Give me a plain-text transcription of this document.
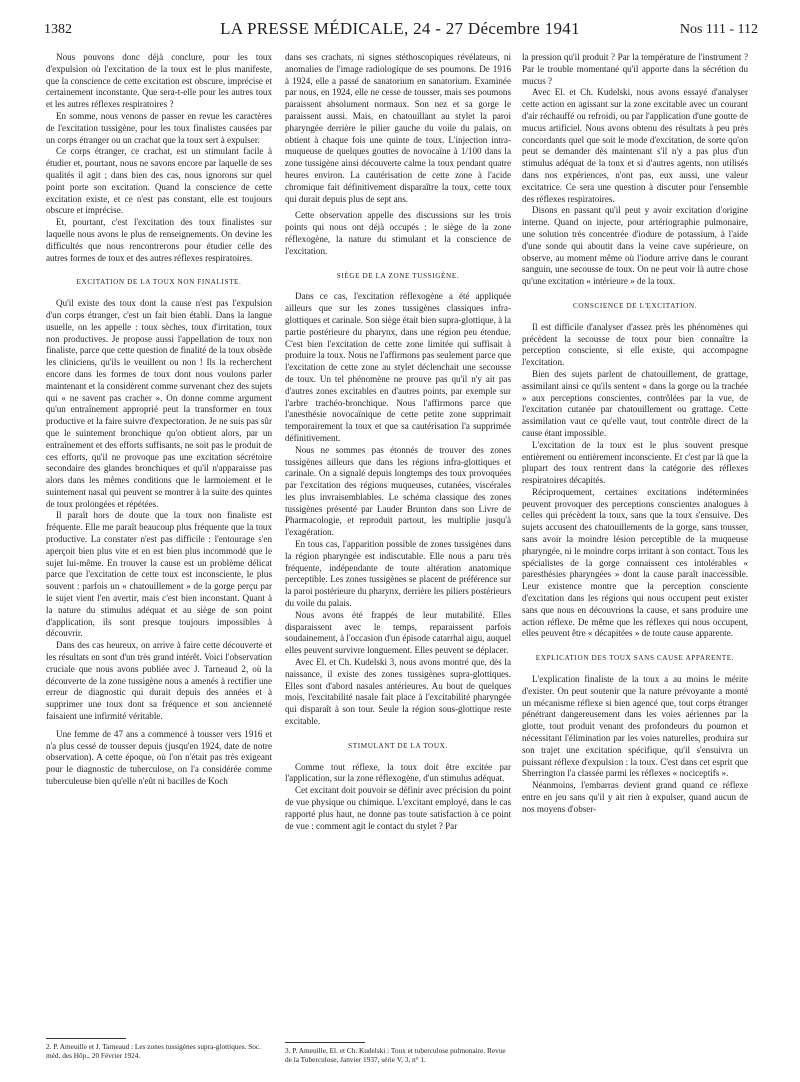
1382	LA PRESSE MÉDICALE, 24 - 27 Décembre 1941	Nos 111 - 112

Nous pouvons donc déjà conclure, pour les toux d'expulsion où l'excitation de la toux est le plus manifeste, que la conscience de cette excitation est obscure, imprécise et certainement inconstante. Que sera-t-elle pour les autres toux et les autres réflexes respiratoires ?

En somme, nous venons de passer en revue les caractères de l'excitation tussigène, pour les toux finalistes causées par un corps étranger ou un crachat que la toux sert à expulser.

Ce corps étranger, ce crachat, est un stimulant facile à étudier et, pourtant, nous ne savons encore par laquelle de ses qualités il agit ; dans bien des cas, nous ignorons sur quel point porte son excitation. Quand la conscience de cette excitation existe, et ce n'est pas constant, elle est toujours obscure et imprécise.

Et, pourtant, c'est l'excitation des toux finalistes sur laquelle nous avons le plus de renseignements. On devine les difficultés que nous rencontrerons pour étudier celle des autres formes de toux et des autres réflexes respiratoires.

EXCITATION DE LA TOUX NON FINALISTE.

Qu'il existe des toux dont la cause n'est pas l'expulsion d'un corps étranger, c'est un fait bien établi. Dans la langue usuelle, on les appelle : toux sèches, toux d'irritation, toux non productives. Je propose aussi l'appellation de toux non finaliste, parce que cette question de finalité de la toux obsède les cliniciens, qu'ils le veuillent ou non ! Ils la recherchent encore dans les formes de toux dont nous voulons parler maintenant et la considèrent comme survenant chez des sujets qui « ne savent pas cracher ». On donne comme argument qu'un entraînement approprié peut la transformer en toux productive et la faire suivre d'expectoration. Je ne suis pas sûr que le suintement bronchique qu'on obtient alors, par un entraînement et des efforts suffisants, ne soit pas le produit de ces efforts, qu'il ne provoque pas une excitation sécrétoire secondaire des glandes bronchiques et qu'il n'apparaisse pas alors dans les mêmes conditions que le larmoiement et le suintement nasal qui peuvent se montrer à la suite des quintes de toux prolongées et répétées.

Il paraît hors de doute que la toux non finaliste est fréquente. Elle me paraît beaucoup plus fréquente que la toux productive. La constater n'est pas difficile : l'entourage s'en aperçoit bien plus vite et en est bien plus incommodé que le sujet lui-même. En trouver la cause est un problème délicat parce que l'excitation de cette toux est inconsciente, le plus souvent : parfois un « chatouillement » de la gorge perçu par le sujet vient l'en avertir, mais c'est bien inconstant. Quant à la nature du stimulus adéquat et au siège de son point d'application, ils sont presque toujours impossibles à découvrir.

Dans des cas heureux, on arrive à faire cette découverte et les résultats en sont d'un très grand intérêt. Voici l'observation cruciale que nous avons publiée avec J. Tarneaud 2, où la découverte de la zone tussigène nous a amenés à rectifier une erreur de diagnostic qui durait depuis des années et à supprimer une toux dont sa fréquence et son ancienneté faisaient une infirmité véritable.

Une femme de 47 ans a commencé à tousser vers 1916 et n'a plus cessé de tousser depuis (jusqu'en 1924, date de notre observation). A cette époque, où l'on n'était pas très exigeant pour le diagnostic de tuberculose, on l'a considérée comme tuberculeuse bien qu'elle n'eût ni bacilles de Koch

2. P. Ameuille et J. Tarneaud : Les zones tussigènes supra-glottiques. Soc. méd. des Hôp., 20 Février 1924.

dans ses crachats, ni signes stéthoscopiques révélateurs, ni anomalies de l'image radiologique de ses poumons. De 1916 à 1924, elle a passé de sanatorium en sanatorium. Examinée par nous, en 1924, elle ne cesse de tousser, mais ses poumons paraissent absolument normaux. Son nez et sa gorge le paraissent aussi. Mais, en chatouillant au stylet la paroi pharyngée derrière le pilier gauche du voile du palais, on obtient à chaque fois une quinte de toux. L'injection intra-muqueuse de quelques gouttes de novocaïne à 1/100 dans la zone tussigène ainsi découverte calme la toux pendant quatre heures environ. La cautérisation de cette zone à l'acide chromique fait définitivement disparaître la toux, cette toux qui durait depuis plus de sept ans.

Cette observation appelle des discussions sur les trois points qui nous ont déjà occupés : le siège de la zone réflexogène, la nature du stimulant et la conscience de l'excitation.

SIÈGE DE LA ZONE TUSSIGÈNE.

Dans ce cas, l'excitation réflexogène a été appliquée ailleurs que sur les zones tussigènes classiques infra-glottiques et carinale. Son siège était bien supra-glottique, à la partie postérieure du pharynx, dans une région peu étendue. C'est bien l'excitation de cette zone limitée qui suffisait à produire la toux. Nous ne l'affirmons pas seulement parce que l'excitation de cette zone au stylet déclenchait une secousse de toux. Un tel phénomène ne prouve pas qu'il n'y ait pas d'autres zones excitables en d'autres points, par exemple sur l'arbre trachéo-bronchique. Nous l'affirmons parce que l'anesthésie novocaïnique de cette petite zone supprimait temporairement la toux et que sa cautérisation l'a supprimée définitivement.

Nous ne sommes pas étonnés de trouver des zones tussigènes ailleurs que dans les régions infra-glottiques et carinale. On a signalé depuis longtemps des toux provoquées par l'excitation des régions muqueuses, cutanées, viscérales les plus invraisemblables. Le schéma classique des zones tussigènes présenté par Lauder Brunton dans son Livre de Pharmacologie, et reproduit partout, les multiplie jusqu'à l'exagération.

En tous cas, l'apparition possible de zones tussigènes dans la région pharyngée est indiscutable. Elle nous a paru très fréquente, indépendante de toute altération anatomique perceptible. Les zones tussigènes se placent de préférence sur la paroi postérieure du pharynx, derrière les piliers postérieurs du voile du palais.

Nous avons été frappés de leur mutabilité. Elles disparaissent avec le temps, reparaissent parfois soudainement, à l'occasion d'un épisode catarrhal aigu, auquel elles peuvent survivre longuement. Elles peuvent se déplacer.

Avec El. et Ch. Kudelski 3, nous avons montré que, dès la naissance, il existe des zones tussigènes supra-glottiques. Elles sont d'abord nasales antérieures. Au bout de quelques mois, l'excitabilité nasale fait place à l'excitabilité pharyngée qui disparaît à son tour. Seule la région sous-glottique reste excitable.

STIMULANT DE LA TOUX.

Comme tout réflexe, la toux doit être excitée par l'application, sur la zone réflexogène, d'un stimulus adéquat.

Cet excitant doit pouvoir se définir avec précision du point de vue physique ou chimique. L'excitant employé, dans le cas rapporté plus haut, ne donne pas toute satisfaction à ce point de vue : comment agit le contact du stylet ? Par

3. P. Ameuille, El. et Ch. Kudelski : Toux et tuberculose pulmonaire. Revue de la Tuberculose, Janvier 1937, série V, 3, n° 1.

la pression qu'il produit ? Par la température de l'instrument ? Par le trouble momentané qu'il apporte dans la sécrétion du mucus ?

Avec El. et Ch. Kudelski, nous avons essayé d'analyser cette action en agissant sur la zone excitable avec un courant d'air réchauffé ou refroidi, ou par l'application d'une goutte de mucus artificiel. Nous avons obtenu des résultats à peu près concordants quel que soit le mode d'excitation, de sorte qu'on peut se demander dès maintenant s'il n'y a pas plus d'un stimulus adéquat de la toux et si d'autres agents, non utilisés dans nos expériences, n'ont pas, eux aussi, une valeur excitatrice. Ce sera une question à discuter pour l'ensemble des réflexes respiratoires.

Disons en passant qu'il peut y avoir excitation d'origine interne. Quand on injecte, pour artériographie pulmonaire, une solution très concentrée d'iodure de potassium, à l'aide d'une sonde qui aboutit dans la veine cave supérieure, on observe, au moment même où l'iodure arrive dans le courant sanguin, une secousse de toux. On ne peut voir là autre chose qu'une excitation « intérieure » de la toux.

CONSCIENCE DE L'EXCITATION.

Il est difficile d'analyser d'assez près les phénomènes qui précèdent la secousse de toux pour bien connaître la perception consciente, si elle existe, qui accompagne l'excitation.

Bien des sujets parlent de chatouillement, de grattage, assimilant ainsi ce qu'ils sentent « dans la gorge ou la trachée » aux perceptions conscientes, contrôlées par la vue, de l'excitation cutanée par chatouillement ou grattage. Cette assimilation vaut ce qu'elle vaut, tout contrôle direct de la cause étant impossible.

L'excitation de la toux est le plus souvent presque entièrement ou entièrement inconsciente. Et c'est par là que la plupart des toux rentrent dans la catégorie des réflexes respiratoires décapités.

Réciproquement, certaines excitations indéterminées peuvent provoquer des perceptions conscientes analogues à celles qui précèdent la toux, sans que la toux s'ensuive. Des sujets accusent des chatouillements de la gorge, sans tousser, sans avoir la moindre lésion perceptible de la muqueuse pharyngée, ni le moindre corps irritant à son contact. Tous les spécialistes de la gorge connaissent ces intolérables « paresthésies pharyngées » dont la cause paraît inaccessible. Leur existence montre que la perception consciente d'excitation dans les régions qui nous occupent peut exister sans que nous en découvrions la cause, et sans produire une action réflexe. De même que les réflexes qui nous occupent, elles peuvent être « décapitées » de toute cause apparente.

EXPLICATION DES TOUX SANS CAUSE APPARENTE.

L'explication finaliste de la toux a au moins le mérite d'exister. On peut soutenir que la nature prévoyante a monté un mécanisme réflexe si bien agencé que, tout corps étranger pénétrant dangereusement dans les voies aériennes par la glotte, tout produit venant des profondeurs du poumon et nécessitant l'élimination par les voies naturelles, produira sur son trajet une excitation spécifique, qu'il s'ensuivra un puissant réflexe d'expulsion : la toux. C'est dans cet esprit que Sherrington l'a classée parmi les réflexes « nociceptifs ».

Néanmoins, l'embarras devient grand quand ce réflexe entre en jeu sans qu'il y ait rien à expulser, quand aucun de nos moyens d'obser-
